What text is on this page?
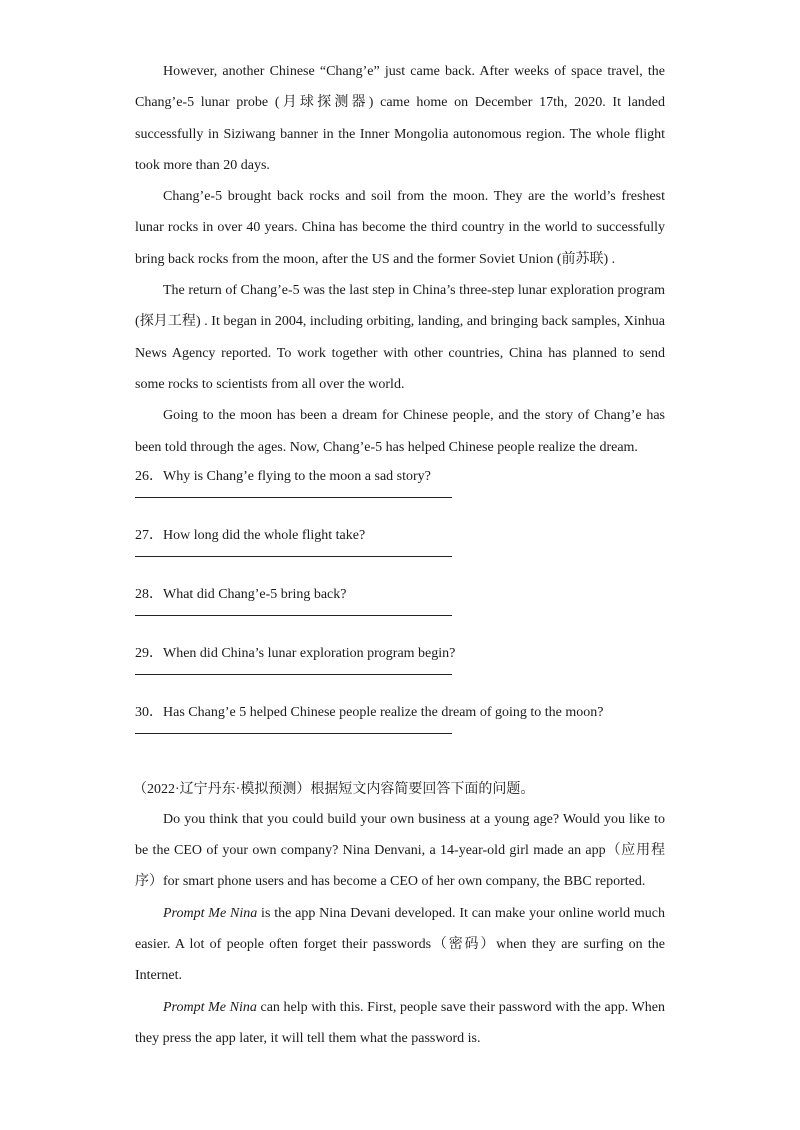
However, another Chinese “Chang’e” just came back. After weeks of space travel, the Chang’e-5 lunar probe (月球探测器) came home on December 17th, 2020. It landed successfully in Siziwang banner in the Inner Mongolia autonomous region. The whole flight took more than 20 days.

Chang’e-5 brought back rocks and soil from the moon. They are the world’s freshest lunar rocks in over 40 years. China has become the third country in the world to successfully bring back rocks from the moon, after the US and the former Soviet Union (前苏联) .

The return of Chang’e-5 was the last step in China’s three-step lunar exploration program (探月工程) . It began in 2004, including orbiting, landing, and bringing back samples, Xinhua News Agency reported. To work together with other countries, China has planned to send some rocks to scientists from all over the world.

Going to the moon has been a dream for Chinese people, and the story of Chang’e has been told through the ages. Now, Chang’e-5 has helped Chinese people realize the dream.

26．Why is Chang’e flying to the moon a sad story?

27．How long did the whole flight take?

28．What did Chang’e-5 bring back?

29．When did China’s lunar exploration program begin?

30．Has Chang’e 5 helped Chinese people realize the dream of going to the moon?

（2022·辽宁丹东·模拟预测）根据短文内容简要回答下面的问题。

Do you think that you could build your own business at a young age? Would you like to be the CEO of your own company? Nina Denvani, a 14-year-old girl made an app（应用程序）for smart phone users and has become a CEO of her own company, the BBC reported.

Prompt Me Nina is the app Nina Devani developed. It can make your online world much easier. A lot of people often forget their passwords（密码）when they are surfing on the Internet.

Prompt Me Nina can help with this. First, people save their password with the app. When they press the app later, it will tell them what the password is.
